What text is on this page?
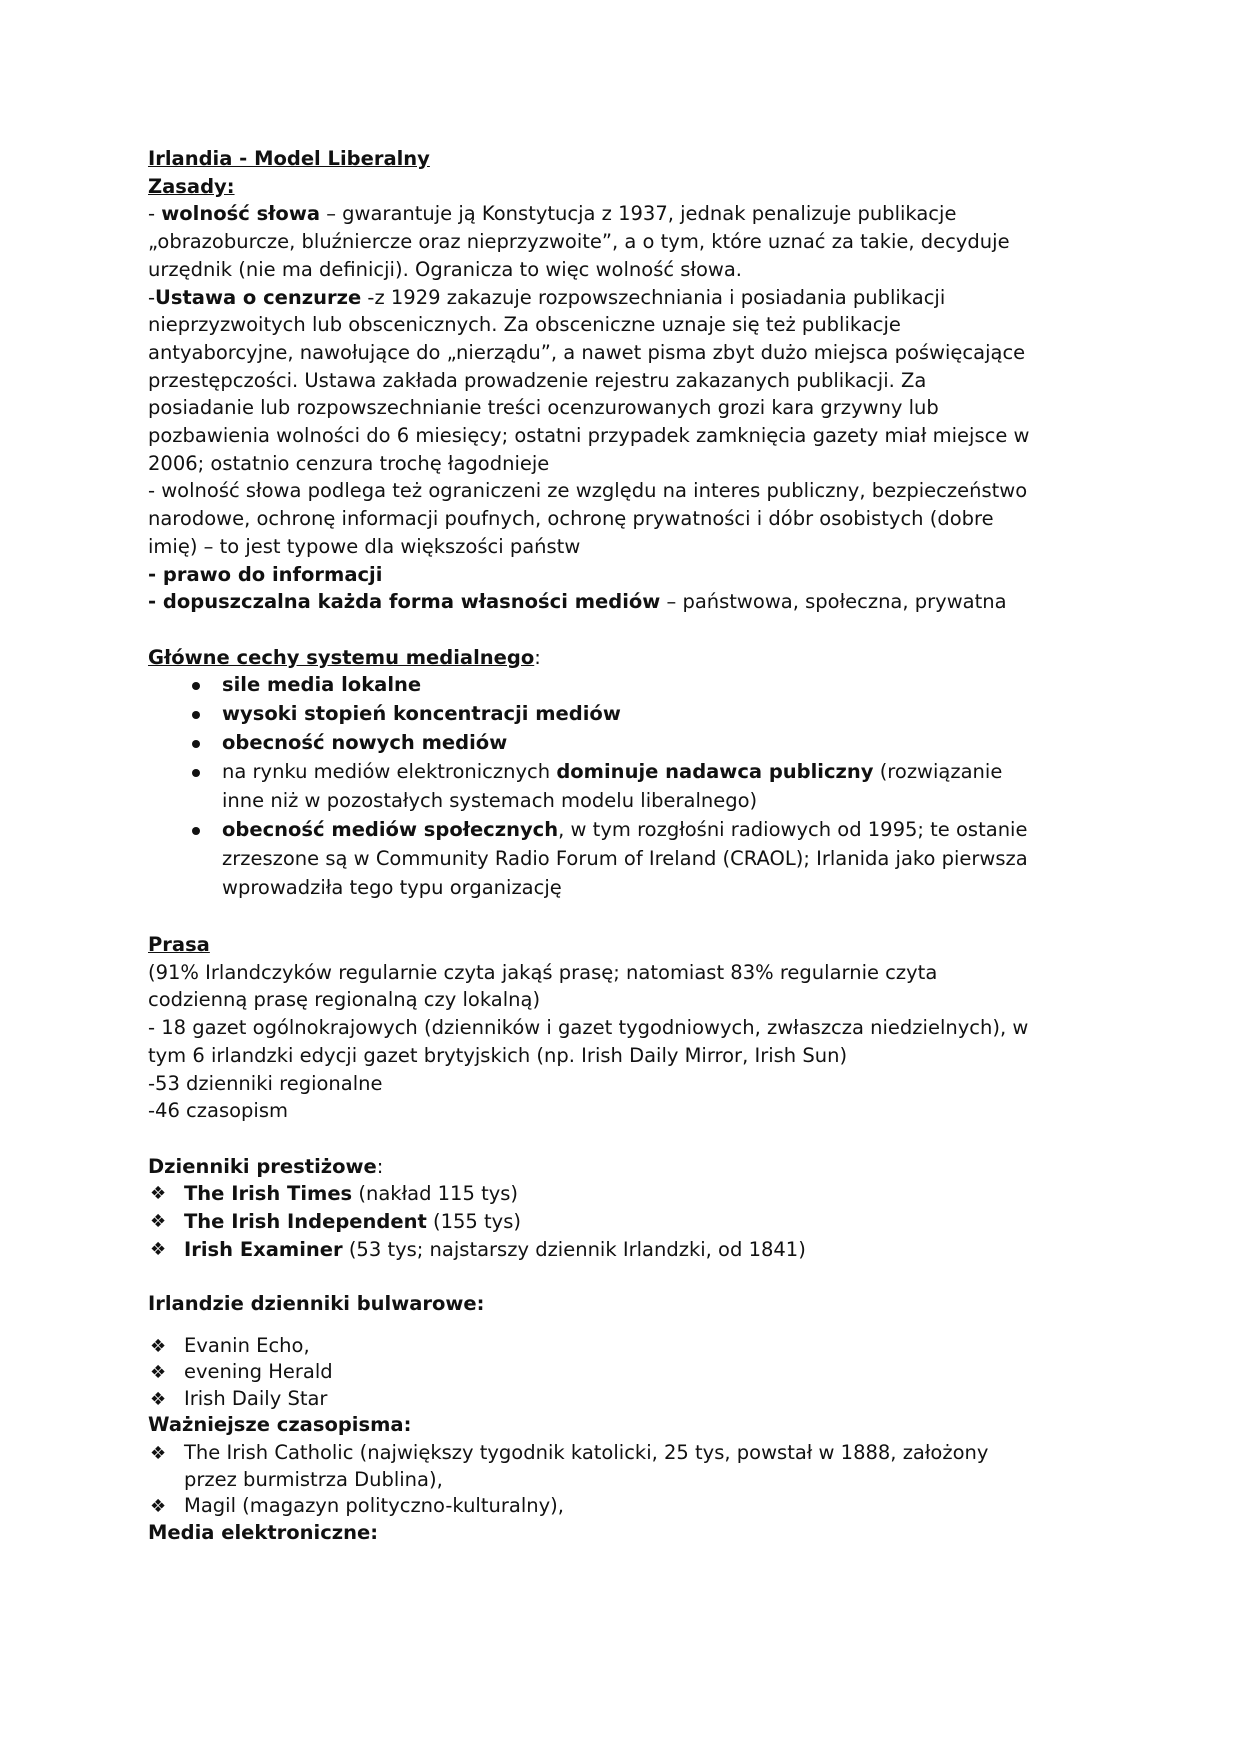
Irlandia - Model Liberalny
Zasady:
- wolność słowa – gwarantuje ją Konstytucja z 1937, jednak penalizuje publikacje
„obrazoburcze, bluźniercze oraz nieprzyzwoite”, a o tym, które uznać za takie, decyduje
urzędnik (nie ma definicji). Ogranicza to więc wolność słowa.
-Ustawa o cenzurze -z 1929 zakazuje rozpowszechniania i posiadania publikacji
nieprzyzwoitych lub obscenicznych. Za obsceniczne uznaje się też publikacje
antyaborcyjne, nawołujące do „nierządu”, a nawet pisma zbyt dużo miejsca poświęcające
przestępczości. Ustawa zakłada prowadzenie rejestru zakazanych publikacji. Za
posiadanie lub rozpowszechnianie treści ocenzurowanych grozi kara grzywny lub
pozbawienia wolności do 6 miesięcy; ostatni przypadek zamknięcia gazety miał miejsce w
2006; ostatnio cenzura trochę łagodnieje
- wolność słowa podlega też ograniczeni ze względu na interes publiczny, bezpieczeństwo
narodowe, ochronę informacji poufnych, ochronę prywatności i dóbr osobistych (dobre
imię) – to jest typowe dla większości państw
- prawo do informacji
- dopuszczalna każda forma własności mediów – państwowa, społeczna, prywatna
Główne cechy systemu medialnego:
sile media lokalne
wysoki stopień koncentracji mediów
obecność nowych mediów
na rynku mediów elektronicznych dominuje nadawca publiczny (rozwiązanie
inne niż w pozostałych systemach modelu liberalnego)
obecność mediów społecznych, w tym rozgłośni radiowych od 1995; te ostanie
zrzeszone są w Community Radio Forum of Ireland (CRAOL); Irlanida jako pierwsza
wprowadziła tego typu organizację
Prasa
(91% Irlandczyków regularnie czyta jakąś prasę; natomiast 83% regularnie czyta
codzienną prasę regionalną czy lokalną)
- 18 gazet ogólnokrajowych (dzienników i gazet tygodniowych, zwłaszcza niedzielnych), w
tym 6 irlandzki edycji gazet brytyjskich (np. Irish Daily Mirror, Irish Sun)
-53 dzienniki regionalne
-46 czasopism
Dzienniki prestiżowe:
❖ The Irish Times (nakład 115 tys)
❖ The Irish Independent (155 tys)
❖ Irish Examiner (53 tys; najstarszy dziennik Irlandzki, od 1841)
Irlandzie dzienniki bulwarowe:
❖ Evanin Echo,
❖ evening Herald
❖ Irish Daily Star
Ważniejsze czasopisma:
❖ The Irish Catholic (największy tygodnik katolicki, 25 tys, powstał w 1888, założony
przez burmistrza Dublina),
❖ Magil (magazyn polityczno-kulturalny),
Media elektroniczne:
